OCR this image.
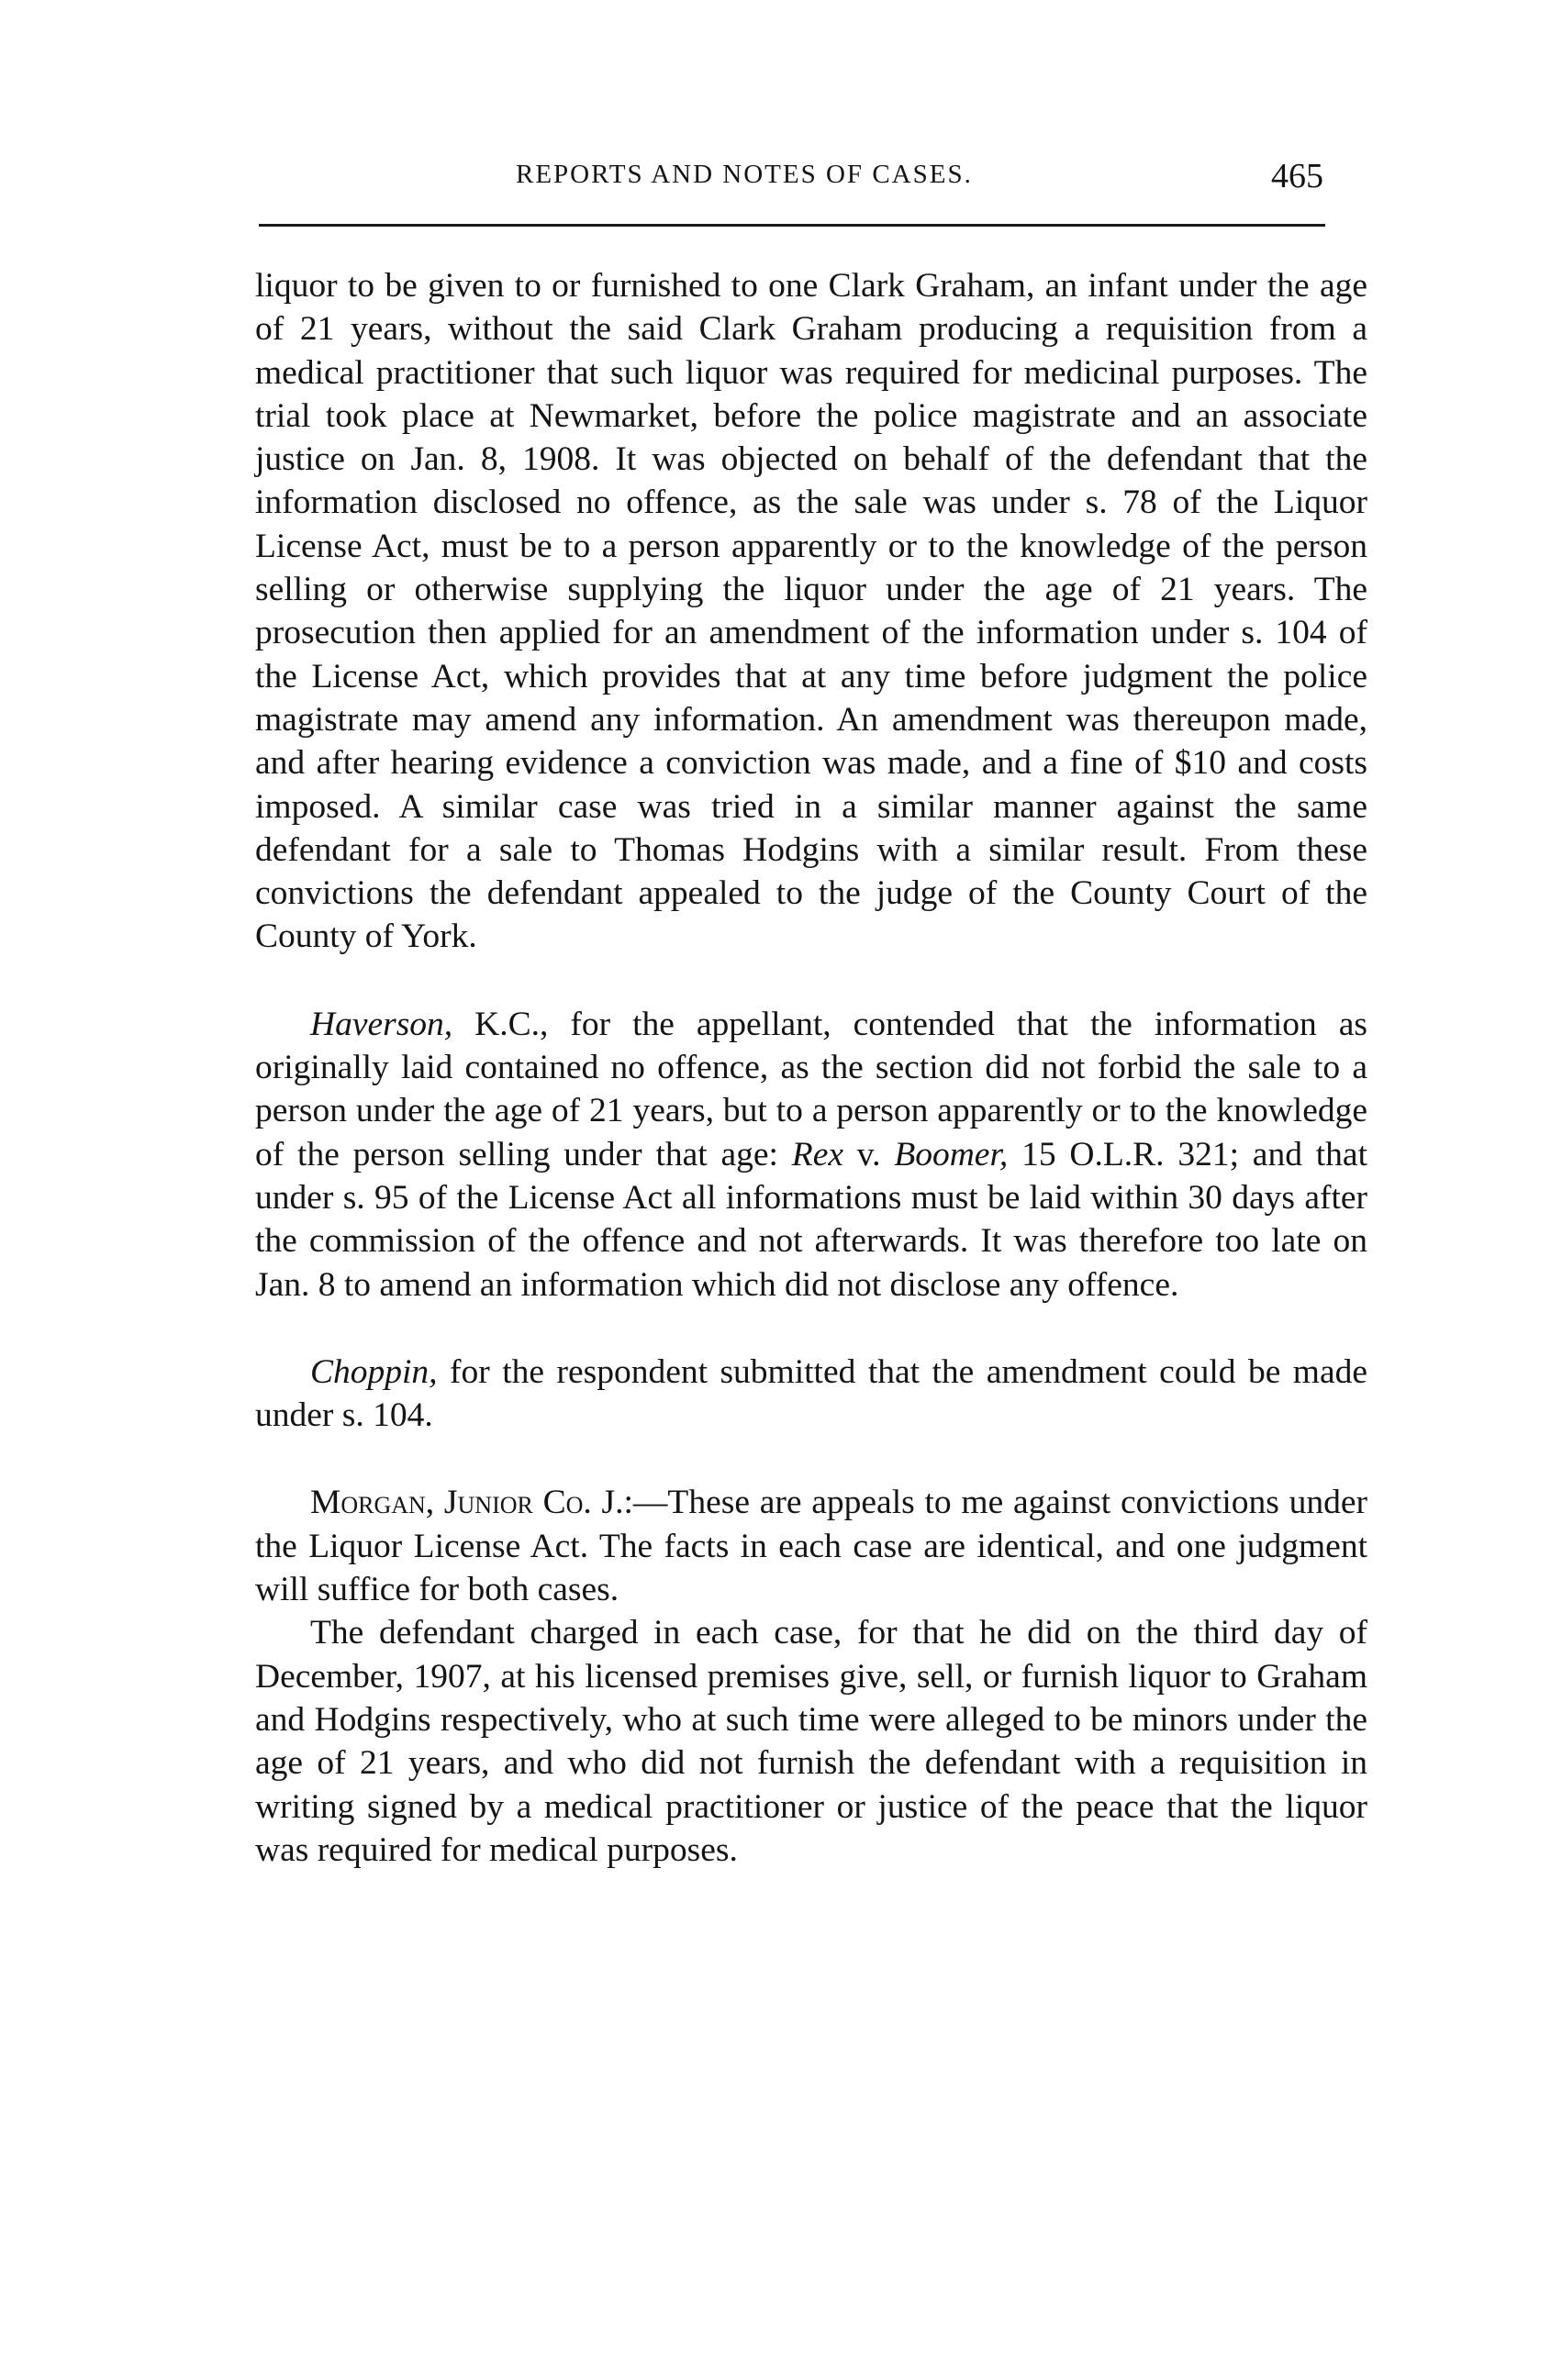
REPORTS AND NOTES OF CASES.	465

liquor to be given to or furnished to one Clark Graham, an infant under the age of 21 years, without the said Clark Graham producing a requisition from a medical practitioner that such liquor was required for medicinal purposes. The trial took place at Newmarket, before the police magistrate and an associate justice on Jan. 8, 1908. It was objected on behalf of the defendant that the information disclosed no offence, as the sale was under s. 78 of the Liquor License Act, must be to a person apparently or to the knowledge of the person selling or otherwise supplying the liquor under the age of 21 years. The prosecution then applied for an amendment of the information under s. 104 of the License Act, which provides that at any time before judgment the police magistrate may amend any information. An amendment was thereupon made, and after hearing evidence a conviction was made, and a fine of $10 and costs imposed. A similar case was tried in a similar manner against the same defendant for a sale to Thomas Hodgins with a similar result. From these convictions the defendant appealed to the judge of the County Court of the County of York.

Haverson, K.C., for the appellant, contended that the information as originally laid contained no offence, as the section did not forbid the sale to a person under the age of 21 years, but to a person apparently or to the knowledge of the person selling under that age: Rex v. Boomer, 15 O.L.R. 321; and that under s. 95 of the License Act all informations must be laid within 30 days after the commission of the offence and not afterwards. It was therefore too late on Jan. 8 to amend an information which did not disclose any offence.

Choppin, for the respondent submitted that the amendment could be made under s. 104.

Morgan, Junior Co. J.:—These are appeals to me against convictions under the Liquor License Act. The facts in each case are identical, and one judgment will suffice for both cases.

The defendant charged in each case, for that he did on the third day of December, 1907, at his licensed premises give, sell, or furnish liquor to Graham and Hodgins respectively, who at such time were alleged to be minors under the age of 21 years, and who did not furnish the defendant with a requisition in writing signed by a medical practitioner or justice of the peace that the liquor was required for medical purposes.
